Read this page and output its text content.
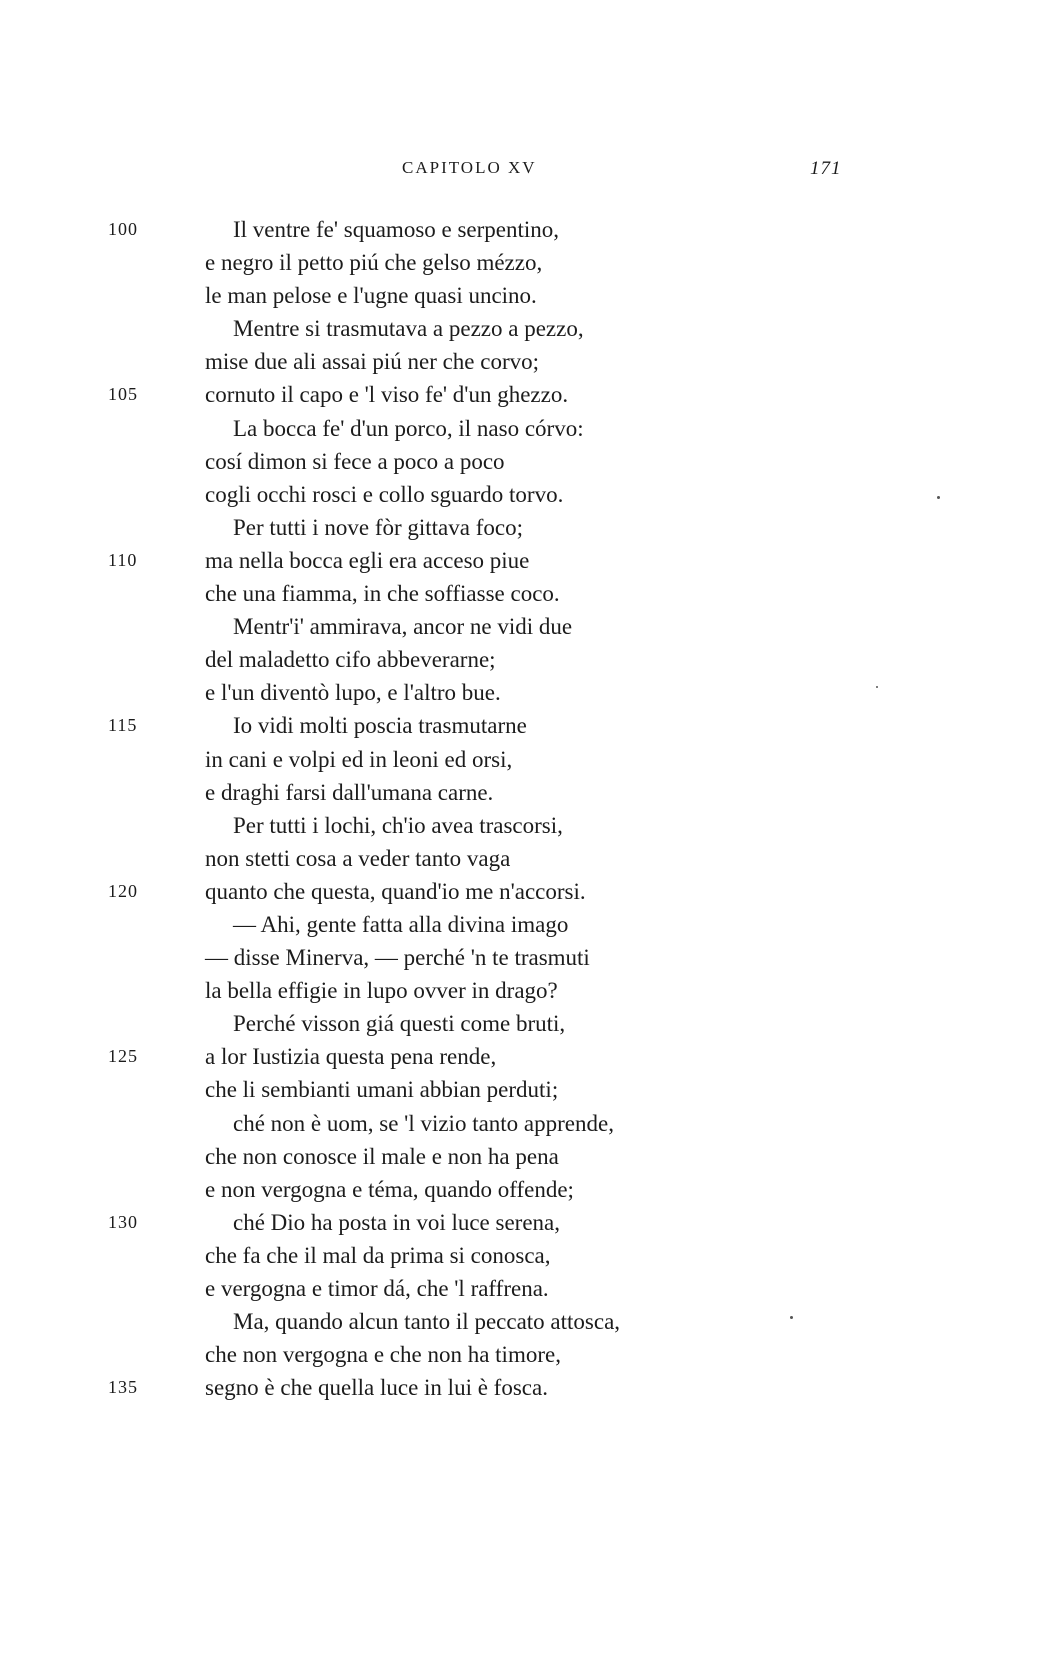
CAPITOLO XV	171
100	Il ventre fe' squamoso e serpentino,
e negro il petto piú che gelso mézzo,
le man pelose e l'ugne quasi uncino.
Mentre si trasmutava a pezzo a pezzo,
mise due ali assai piú ner che corvo;
105	cornuto il capo e 'l viso fe' d'un ghezzo.
La bocca fe' d'un porco, il naso córvo:
cosí dimon si fece a poco a poco
cogli occhi rosci e collo sguardo torvo.
Per tutti i nove fòr gittava foco;
110	ma nella bocca egli era acceso piue
che una fiamma, in che soffiasse coco.
Mentr'i' ammirava, ancor ne vidi due
del maladetto cifo abbeverarne;
e l'un diventò lupo, e l'altro bue.
115	Io vidi molti poscia trasmutarne
in cani e volpi ed in leoni ed orsi,
e draghi farsi dall'umana carne.
Per tutti i lochi, ch'io avea trascorsi,
non stetti cosa a veder tanto vaga
120	quanto che questa, quand'io me n'accorsi.
— Ahi, gente fatta alla divina imago
— disse Minerva, — perché 'n te trasmuti
la bella effigie in lupo ovver in drago?
Perché visson giá questi come bruti,
125	a lor Iustizia questa pena rende,
che li sembianti umani abbian perduti;
ché non è uom, se 'l vizio tanto apprende,
che non conosce il male e non ha pena
e non vergogna e téma, quando offende;
130	ché Dio ha posta in voi luce serena,
che fa che il mal da prima si conosca,
e vergogna e timor dá, che 'l raffrena.
Ma, quando alcun tanto il peccato attosca,
che non vergogna e che non ha timore,
135	segno è che quella luce in lui è fosca.
